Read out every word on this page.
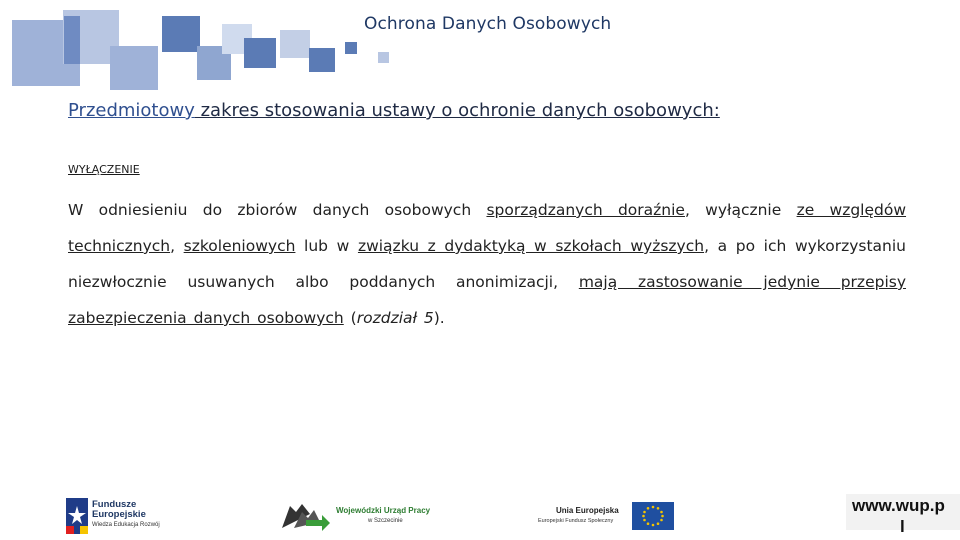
Ochrona Danych Osobowych
Przedmiotowy zakres stosowania ustawy o ochronie danych osobowych:
WYŁĄCZENIE
W odniesieniu do zbiorów danych osobowych sporządzanych doraźnie, wyłącznie ze względów technicznych, szkoleniowych lub w związku z dydaktyką w szkołach wyższych, a po ich wykorzystaniu niezwłocznie usuwanych albo poddanych anonimizacji, mają zastosowanie jedynie przepisy zabezpieczenia danych osobowych (rozdział 5).
Fundusze
Europejskie
Wiedza Edukacja Rozwój
Wojewódzki Urząd Pracy
w Szczecinie
Unia Europejska
Europejski Fundusz Społeczny
www.wup.p
l
